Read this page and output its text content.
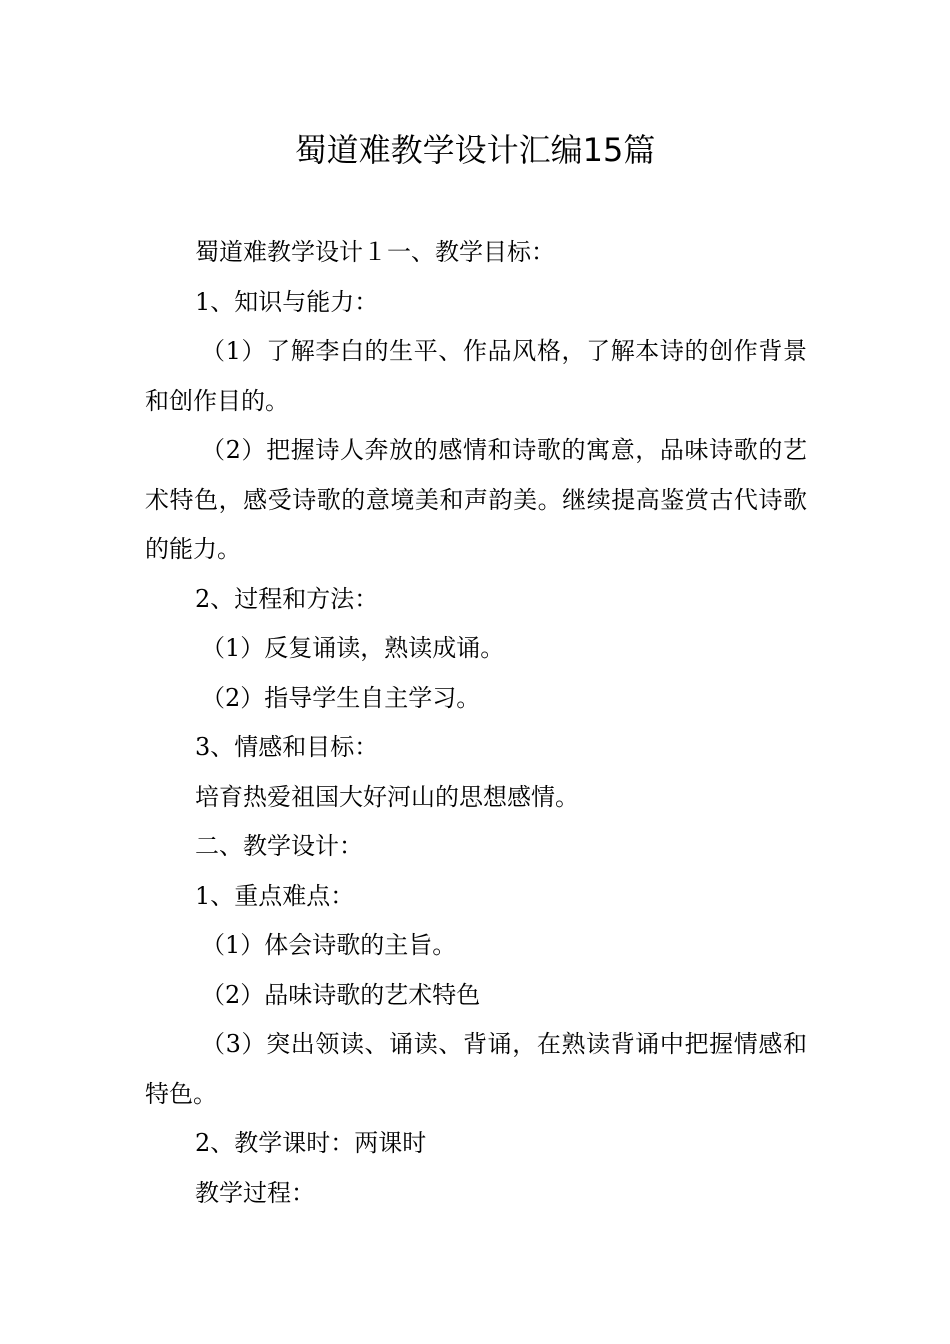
蜀道难教学设计汇编15篇

蜀道难教学设计１一、教学目标：

1、知识与能力：

（1）了解李白的生平、作品风格，了解本诗的创作背景和创作目的。

（2）把握诗人奔放的感情和诗歌的寓意，品味诗歌的艺术特色，感受诗歌的意境美和声韵美。继续提高鉴赏古代诗歌的能力。

2、过程和方法：

（1）反复诵读，熟读成诵。

（2）指导学生自主学习。

3、情感和目标：

培育热爱祖国大好河山的思想感情。

二、教学设计：

1、重点难点：

（1）体会诗歌的主旨。

（2）品味诗歌的艺术特色

（3）突出领读、诵读、背诵，在熟读背诵中把握情感和特色。

2、教学课时：两课时

教学过程：
